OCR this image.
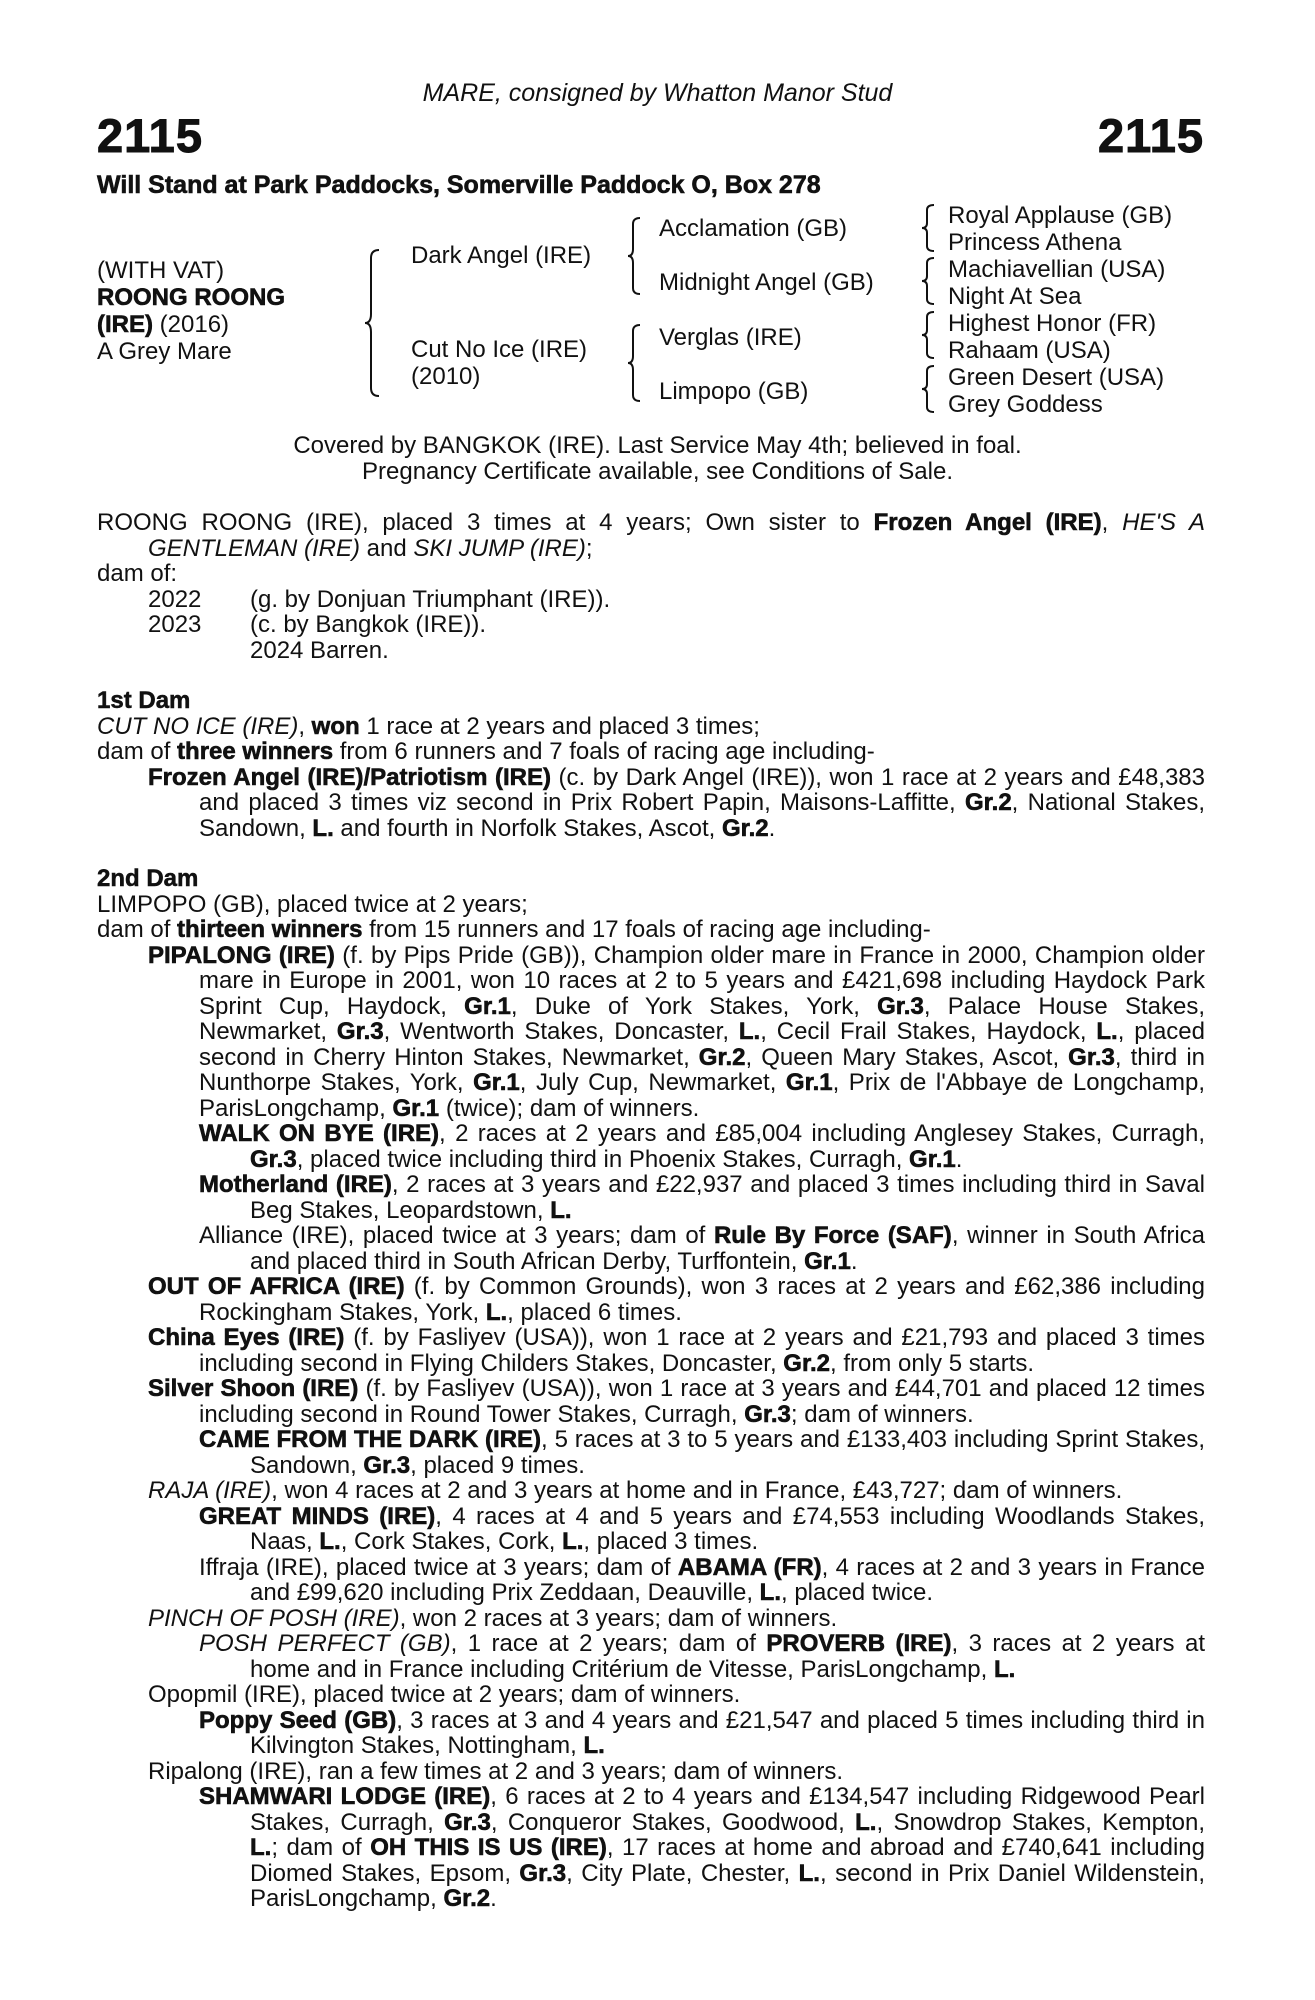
MARE, consigned by Whatton Manor Stud
2115	2115
Will Stand at Park Paddocks, Somerville Paddock O, Box 278
(WITH VAT)
ROONG ROONG
(IRE) (2016)
A Grey Mare
Dark Angel (IRE)
Cut No Ice (IRE)
(2010)
Acclamation (GB)
Midnight Angel (GB)
Verglas (IRE)
Limpopo (GB)
Royal Applause (GB)
Princess Athena
Machiavellian (USA)
Night At Sea
Highest Honor (FR)
Rahaam (USA)
Green Desert (USA)
Grey Goddess
Covered by BANGKOK (IRE). Last Service May 4th; believed in foal.
Pregnancy Certificate available, see Conditions of Sale.

ROONG ROONG (IRE), placed 3 times at 4 years; Own sister to Frozen Angel (IRE), HE'S A GENTLEMAN (IRE) and SKI JUMP (IRE);

dam of:

2022 (g. by Donjuan Triumphant (IRE)).

2023 (c. by Bangkok (IRE)).

2024 Barren.

1st Dam

CUT NO ICE (IRE), won 1 race at 2 years and placed 3 times;

dam of three winners from 6 runners and 7 foals of racing age including-

Frozen Angel (IRE)/Patriotism (IRE) (c. by Dark Angel (IRE)), won 1 race at 2 years and £48,383 and placed 3 times viz second in Prix Robert Papin, Maisons-Laffitte, Gr.2, National Stakes, Sandown, L. and fourth in Norfolk Stakes, Ascot, Gr.2.

2nd Dam

LIMPOPO (GB), placed twice at 2 years;

dam of thirteen winners from 15 runners and 17 foals of racing age including-

PIPALONG (IRE) (f. by Pips Pride (GB)), Champion older mare in France in 2000, Champion older mare in Europe in 2001, won 10 races at 2 to 5 years and £421,698 including Haydock Park Sprint Cup, Haydock, Gr.1, Duke of York Stakes, York, Gr.3, Palace House Stakes, Newmarket, Gr.3, Wentworth Stakes, Doncaster, L., Cecil Frail Stakes, Haydock, L., placed second in Cherry Hinton Stakes, Newmarket, Gr.2, Queen Mary Stakes, Ascot, Gr.3, third in Nunthorpe Stakes, York, Gr.1, July Cup, Newmarket, Gr.1, Prix de l'Abbaye de Longchamp, ParisLongchamp, Gr.1 (twice); dam of winners.

WALK ON BYE (IRE), 2 races at 2 years and £85,004 including Anglesey Stakes, Curragh, Gr.3, placed twice including third in Phoenix Stakes, Curragh, Gr.1.

Motherland (IRE), 2 races at 3 years and £22,937 and placed 3 times including third in Saval Beg Stakes, Leopardstown, L.

Alliance (IRE), placed twice at 3 years; dam of Rule By Force (SAF), winner in South Africa and placed third in South African Derby, Turffontein, Gr.1.

OUT OF AFRICA (IRE) (f. by Common Grounds), won 3 races at 2 years and £62,386 including Rockingham Stakes, York, L., placed 6 times.

China Eyes (IRE) (f. by Fasliyev (USA)), won 1 race at 2 years and £21,793 and placed 3 times including second in Flying Childers Stakes, Doncaster, Gr.2, from only 5 starts.

Silver Shoon (IRE) (f. by Fasliyev (USA)), won 1 race at 3 years and £44,701 and placed 12 times including second in Round Tower Stakes, Curragh, Gr.3; dam of winners.

CAME FROM THE DARK (IRE), 5 races at 3 to 5 years and £133,403 including Sprint Stakes, Sandown, Gr.3, placed 9 times.

RAJA (IRE), won 4 races at 2 and 3 years at home and in France, £43,727; dam of winners.

GREAT MINDS (IRE), 4 races at 4 and 5 years and £74,553 including Woodlands Stakes, Naas, L., Cork Stakes, Cork, L., placed 3 times.

Iffraja (IRE), placed twice at 3 years; dam of ABAMA (FR), 4 races at 2 and 3 years in France and £99,620 including Prix Zeddaan, Deauville, L., placed twice.

PINCH OF POSH (IRE), won 2 races at 3 years; dam of winners.

POSH PERFECT (GB), 1 race at 2 years; dam of PROVERB (IRE), 3 races at 2 years at home and in France including Critérium de Vitesse, ParisLongchamp, L.

Opopmil (IRE), placed twice at 2 years; dam of winners.

Poppy Seed (GB), 3 races at 3 and 4 years and £21,547 and placed 5 times including third in Kilvington Stakes, Nottingham, L.

Ripalong (IRE), ran a few times at 2 and 3 years; dam of winners.

SHAMWARI LODGE (IRE), 6 races at 2 to 4 years and £134,547 including Ridgewood Pearl Stakes, Curragh, Gr.3, Conqueror Stakes, Goodwood, L., Snowdrop Stakes, Kempton, L.; dam of OH THIS IS US (IRE), 17 races at home and abroad and £740,641 including Diomed Stakes, Epsom, Gr.3, City Plate, Chester, L., second in Prix Daniel Wildenstein, ParisLongchamp, Gr.2.
